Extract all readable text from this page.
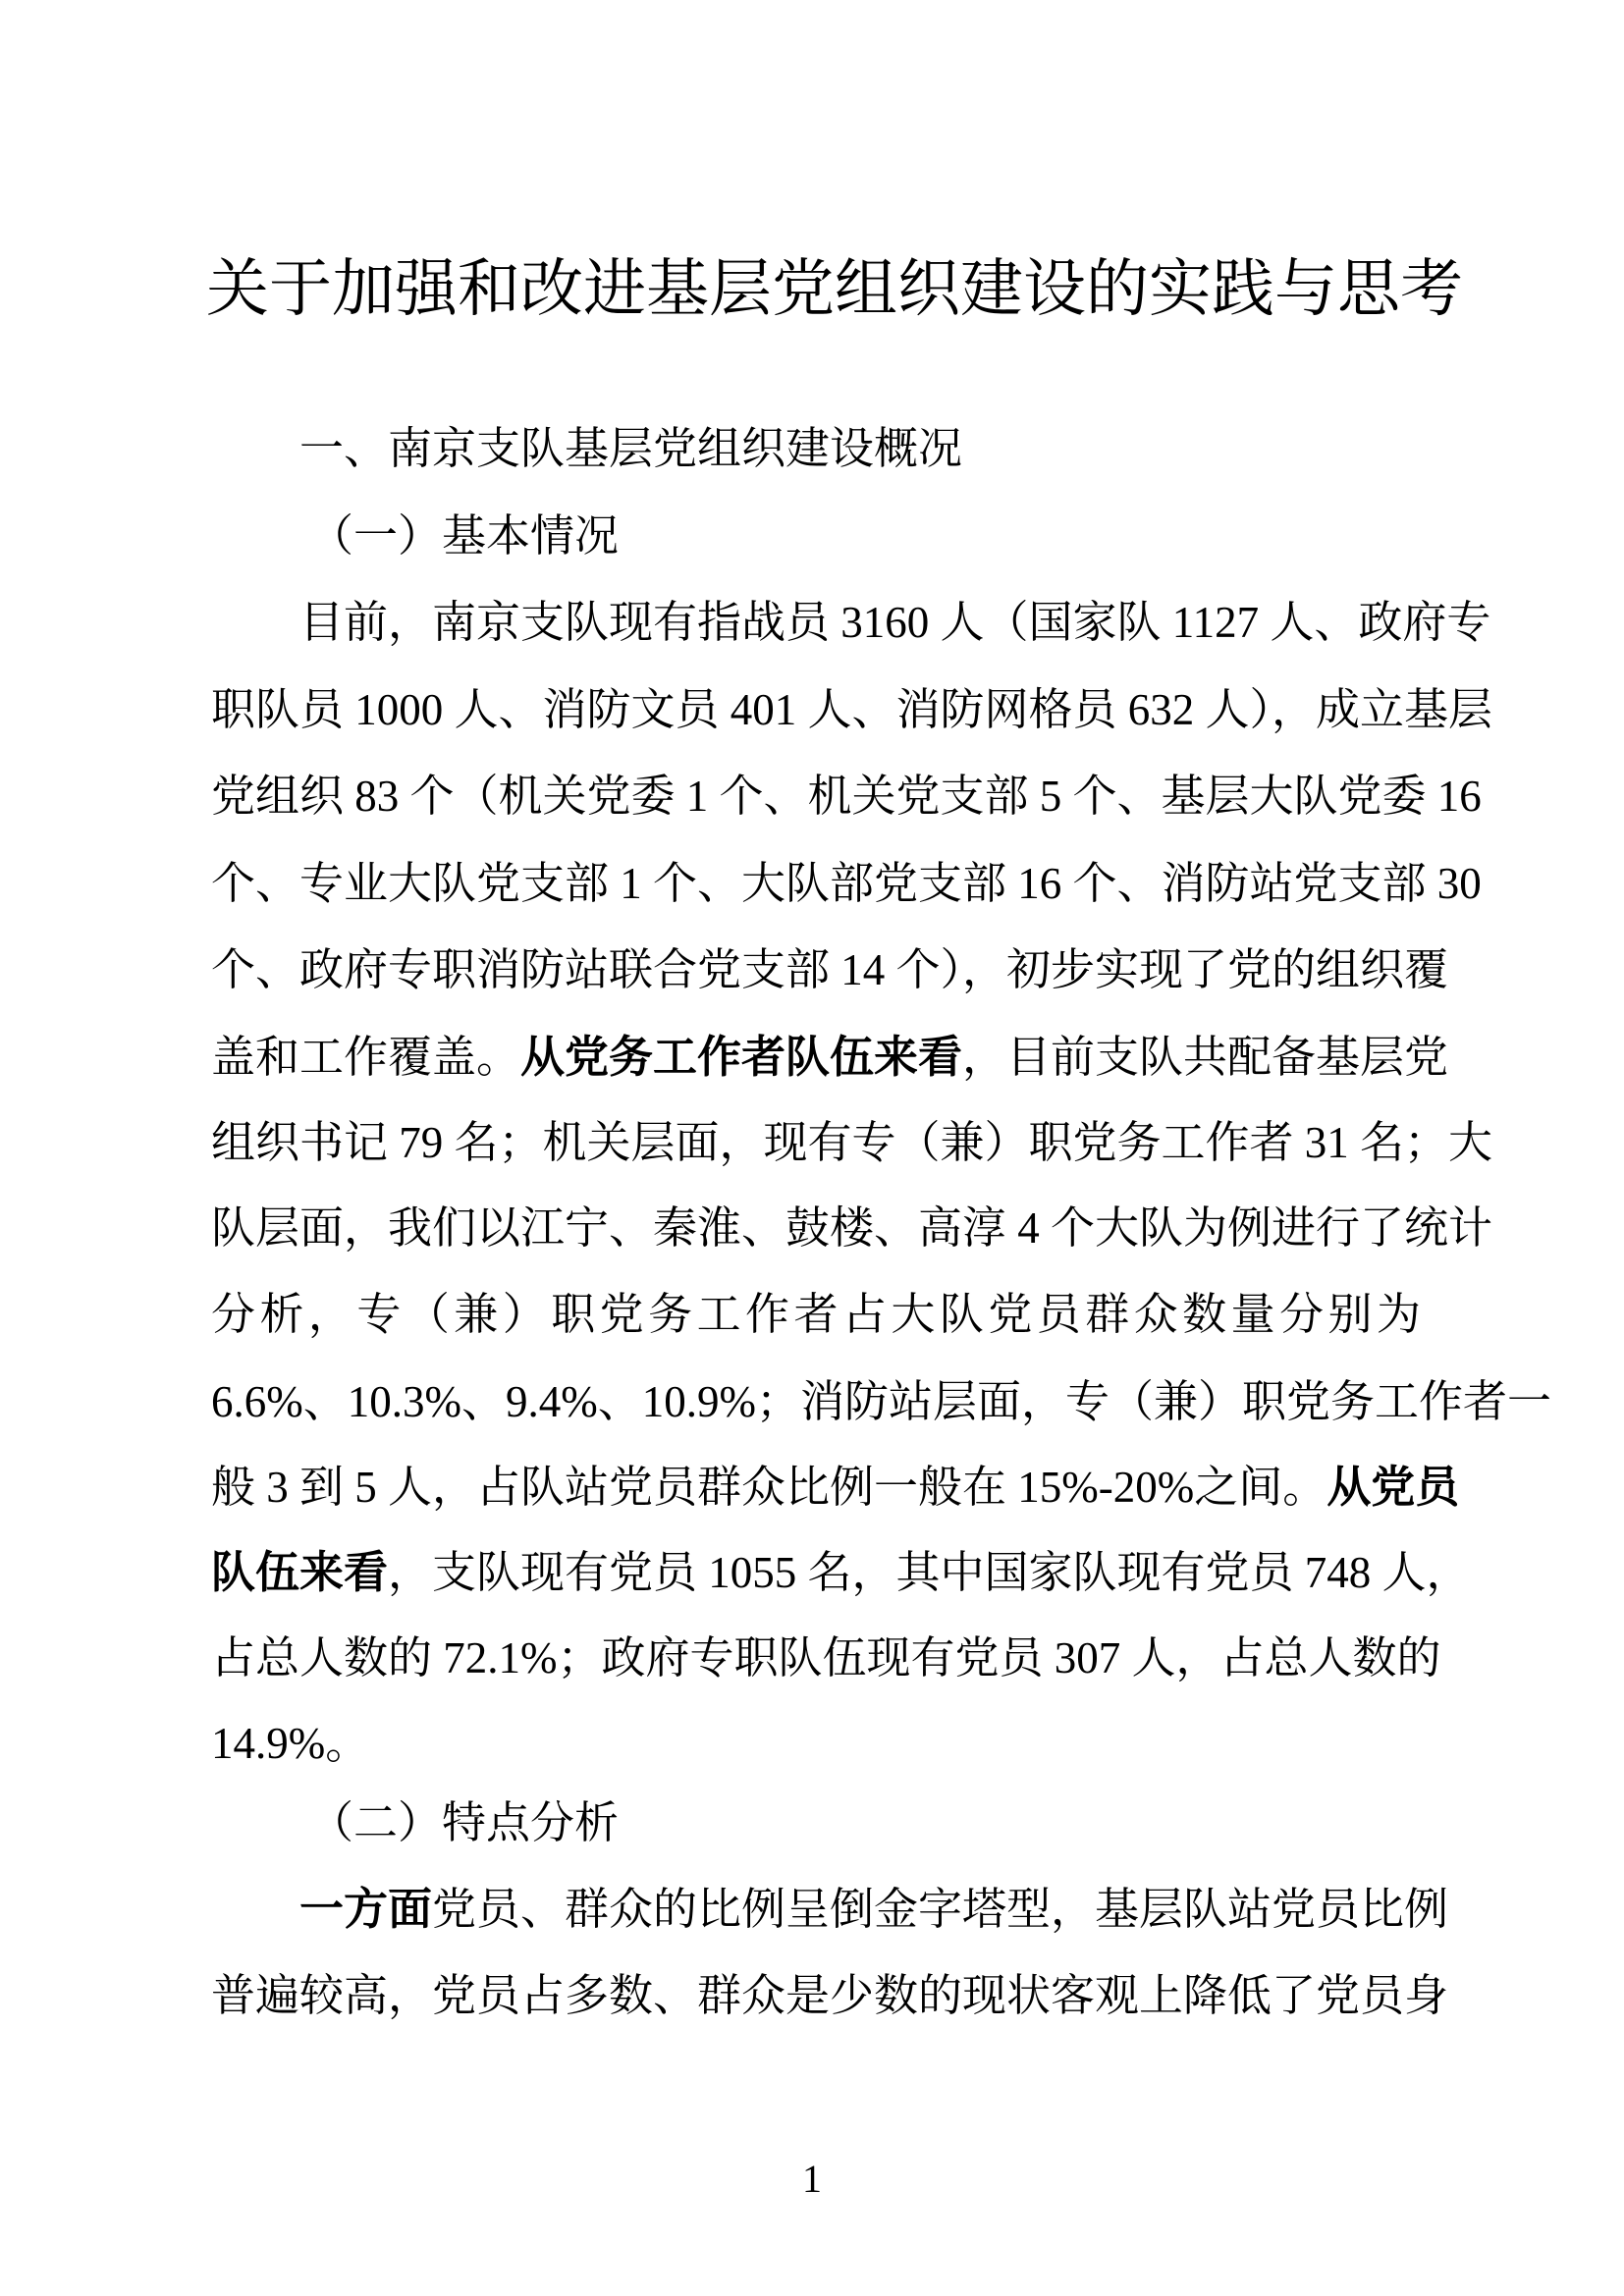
关于加强和改进基层党组织建设的实践与思考
一、南京支队基层党组织建设概况
（一）基本情况
目前，南京支队现有指战员 3160 人（国家队 1127 人、政府专
职队员 1000 人、消防文员 401 人、消防网格员 632 人），成立基层
党组织 83 个（机关党委 1 个、机关党支部 5 个、基层大队党委 16
个、专业大队党支部 1 个、大队部党支部 16 个、消防站党支部 30
个、政府专职消防站联合党支部 14 个），初步实现了党的组织覆
盖和工作覆盖。从党务工作者队伍来看，目前支队共配备基层党
组织书记 79 名；机关层面，现有专（兼）职党务工作者 31 名；大
队层面，我们以江宁、秦淮、鼓楼、高淳 4 个大队为例进行了统计
分析，专（兼）职党务工作者占大队党员群众数量分别为
6.6%、10.3%、9.4%、10.9%；消防站层面，专（兼）职党务工作者一
般 3 到 5 人，占队站党员群众比例一般在 15%-20%之间。从党员
队伍来看，支队现有党员 1055 名，其中国家队现有党员 748 人，
占总人数的 72.1%；政府专职队伍现有党员 307 人，占总人数的
14.9%。
（二）特点分析
一方面党员、群众的比例呈倒金字塔型，基层队站党员比例
普遍较高，党员占多数、群众是少数的现状客观上降低了党员身
1
